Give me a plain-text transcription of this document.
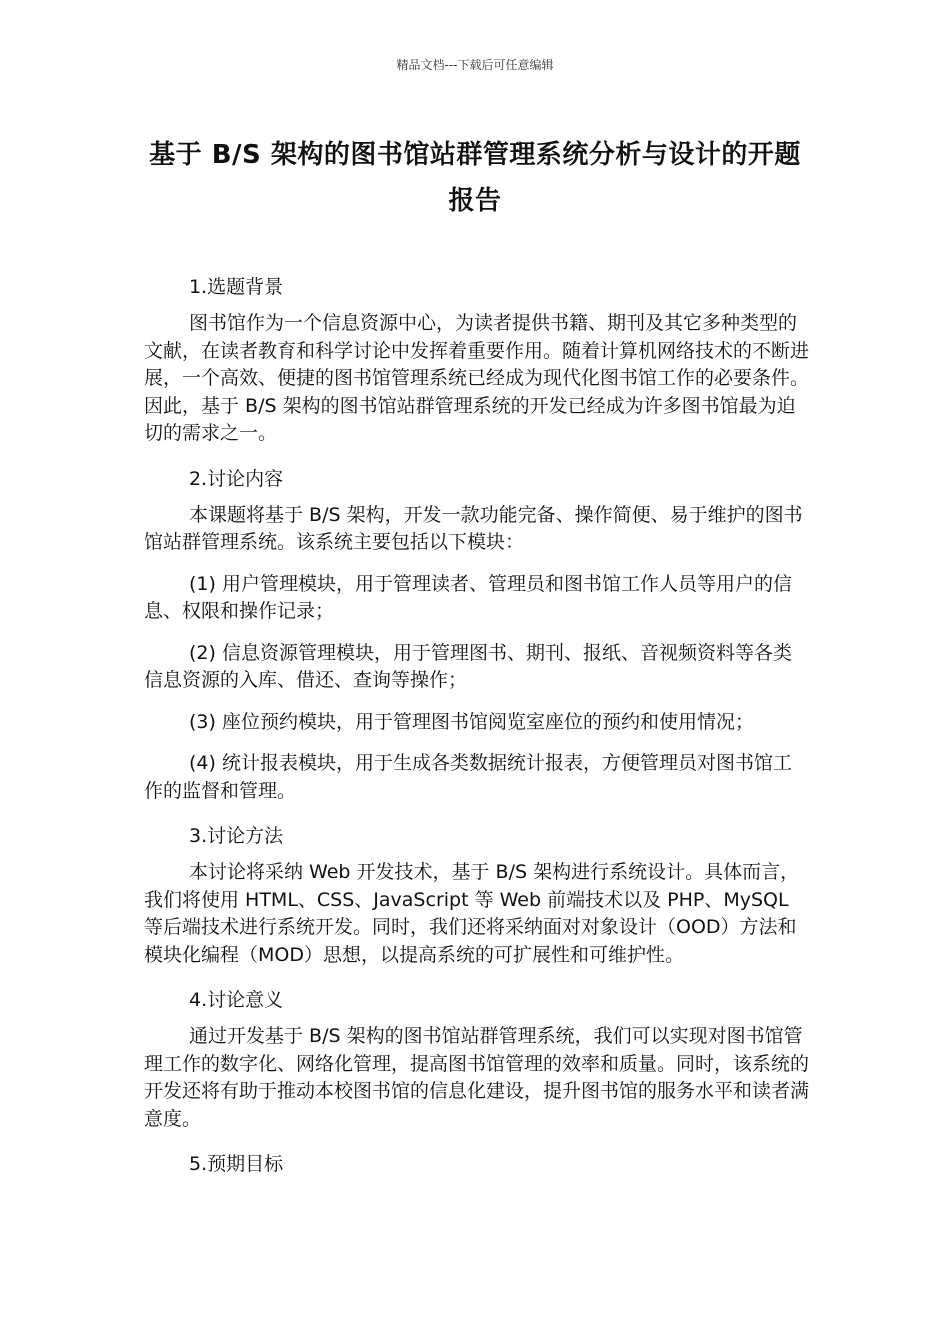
精品文档---下载后可任意编辑
基于 B/S 架构的图书馆站群管理系统分析与设计的开题报告
1.选题背景

图书馆作为一个信息资源中心，为读者提供书籍、期刊及其它多种类型的文献，在读者教育和科学讨论中发挥着重要作用。随着计算机网络技术的不断进展，一个高效、便捷的图书馆管理系统已经成为现代化图书馆工作的必要条件。因此，基于 B/S 架构的图书馆站群管理系统的开发已经成为许多图书馆最为迫切的需求之一。

2.讨论内容

本课题将基于 B/S 架构，开发一款功能完备、操作简便、易于维护的图书馆站群管理系统。该系统主要包括以下模块：

(1) 用户管理模块，用于管理读者、管理员和图书馆工作人员等用户的信息、权限和操作记录；

(2) 信息资源管理模块，用于管理图书、期刊、报纸、音视频资料等各类信息资源的入库、借还、查询等操作；

(3) 座位预约模块，用于管理图书馆阅览室座位的预约和使用情况；

(4) 统计报表模块，用于生成各类数据统计报表，方便管理员对图书馆工作的监督和管理。

3.讨论方法

本讨论将采纳 Web 开发技术，基于 B/S 架构进行系统设计。具体而言，我们将使用 HTML、CSS、JavaScript 等 Web 前端技术以及 PHP、MySQL 等后端技术进行系统开发。同时，我们还将采纳面对对象设计（OOD）方法和模块化编程（MOD）思想，以提高系统的可扩展性和可维护性。

4.讨论意义

通过开发基于 B/S 架构的图书馆站群管理系统，我们可以实现对图书馆管理工作的数字化、网络化管理，提高图书馆管理的效率和质量。同时，该系统的开发还将有助于推动本校图书馆的信息化建设，提升图书馆的服务水平和读者满意度。

5.预期目标
